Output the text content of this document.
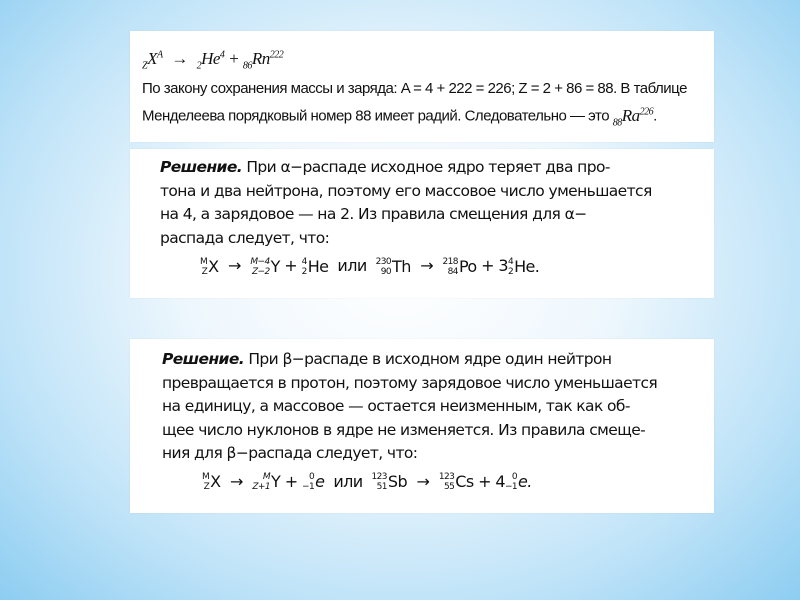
$_ZX^A \to _2He^4 + _{86}Rn^{222}$
По закону сохранения массы и заряда: A = 4 + 222 = 226; Z = 2 + 86 = 88. В таблице
Менделеева порядковый номер 88 имеет радий. Следовательно — это $_{88}Ra^{226}$.
Решение. При α−распаде исходное ядро теряет два про-
тона и два нейтрона, поэтому его массовое число уменьшается
на 4, а зарядовое — на 2. Из правила смещения для α−
распада следует, что:
M
Z X → M−4
Z−2 Y + 4
2 He или 230
90 Th → 218
84 Po + 3 4
2 He.
Решение. При β−распаде в исходном ядре один нейтрон
превращается в протон, поэтому зарядовое число уменьшается
на единицу, а массовое — остается неизменным, так как об-
щее число нуклонов в ядре не изменяется. Из правила смеще-
ния для β−распада следует, что:
M
Z X → M
Z+1 Y + 0
−1 e или 123
51 Sb → 123
55 Cs + 4 0
−1 e.
